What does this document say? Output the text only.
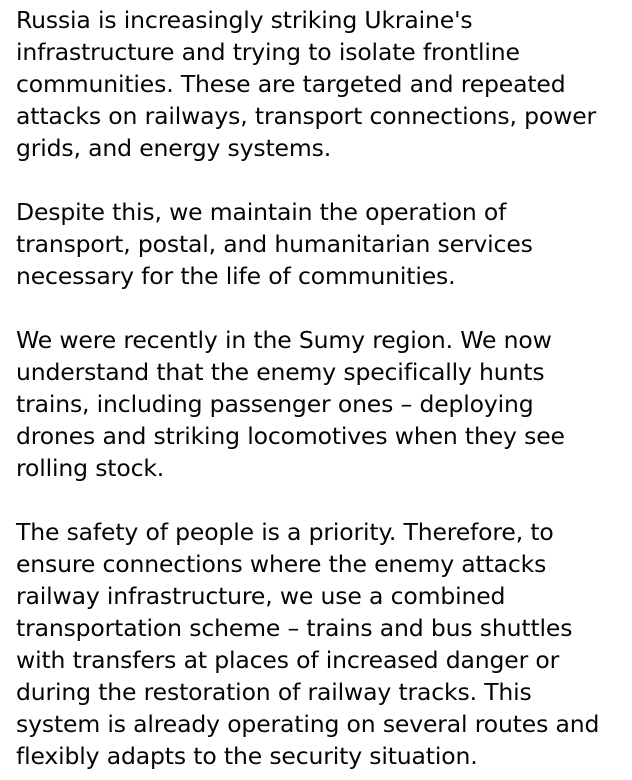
Russia is increasingly striking Ukraine's
infrastructure and trying to isolate frontline
communities. These are targeted and repeated
attacks on railways, transport connections, power
grids, and energy systems.

Despite this, we maintain the operation of
transport, postal, and humanitarian services
necessary for the life of communities.

We were recently in the Sumy region. We now
understand that the enemy specifically hunts
trains, including passenger ones – deploying
drones and striking locomotives when they see
rolling stock.

The safety of people is a priority. Therefore, to
ensure connections where the enemy attacks
railway infrastructure, we use a combined
transportation scheme – trains and bus shuttles
with transfers at places of increased danger or
during the restoration of railway tracks. This
system is already operating on several routes and
flexibly adapts to the security situation.
